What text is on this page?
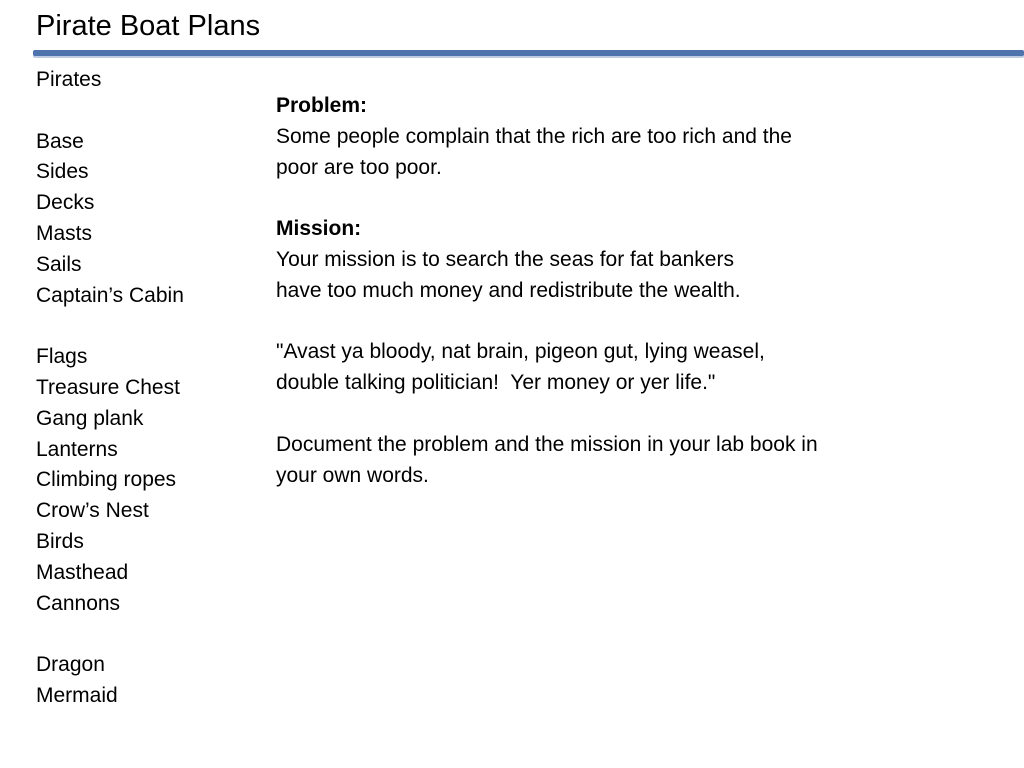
Pirate Boat Plans
Pirates
Base
Sides
Decks
Masts
Sails
Captain’s Cabin
Flags
Treasure Chest
Gang plank
Lanterns
Climbing ropes
Crow’s Nest
Birds
Masthead
Cannons
Dragon
Mermaid
Problem:
Some people complain that the rich are too rich and the
poor are too poor.
Mission:
Your mission is to search the seas for fat bankers
have too much money and redistribute the wealth.
"Avast ya bloody, nat brain, pigeon gut, lying weasel,
double talking politician!  Yer money or yer life."
Document the problem and the mission in your lab book in
your own words.
